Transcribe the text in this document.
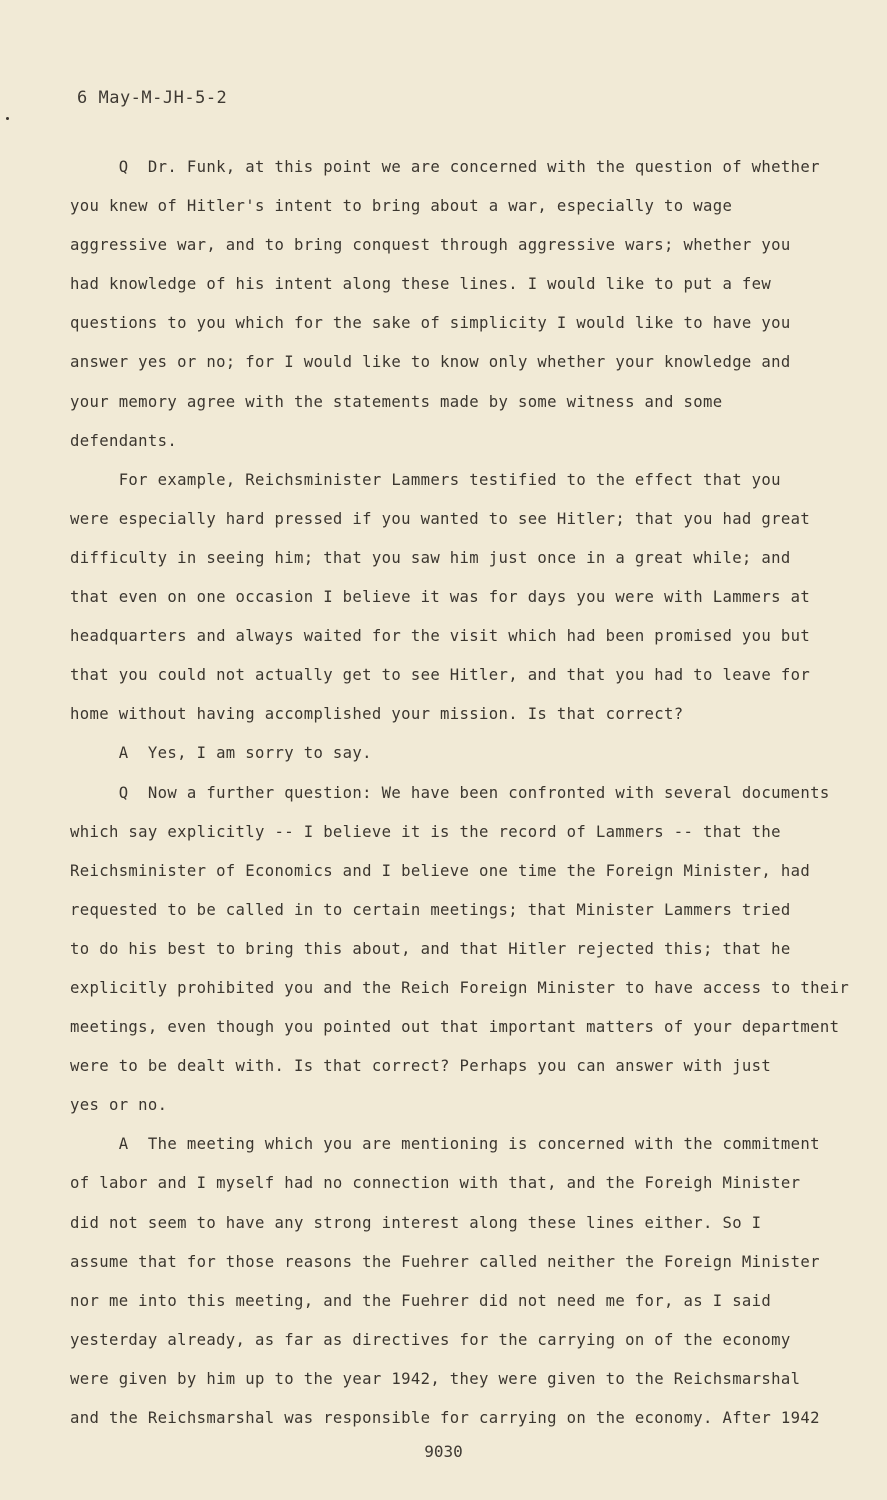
6 May-M-JH-5-2
Q  Dr. Funk, at this point we are concerned with the question of whether
you knew of Hitler's intent to bring about a war, especially to wage
aggressive war, and to bring conquest through aggressive wars; whether you
had knowledge of his intent along these lines. I would like to put a few
questions to you which for the sake of simplicity I would like to have you
answer yes or no; for I would like to know only whether your knowledge and
your memory agree with the statements made by some witness and some
defendants.
For example, Reichsminister Lammers testified to the effect that you
were especially hard pressed if you wanted to see Hitler; that you had great
difficulty in seeing him; that you saw him just once in a great while; and
that even on one occasion I believe it was for days you were with Lammers at
headquarters and always waited for the visit which had been promised you but
that you could not actually get to see Hitler, and that you had to leave for
home without having accomplished your mission. Is that correct?
A  Yes, I am sorry to say.
Q  Now a further question: We have been confronted with several documents
which say explicitly -- I believe it is the record of Lammers -- that the
Reichsminister of Economics and I believe one time the Foreign Minister, had
requested to be called in to certain meetings; that Minister Lammers tried
to do his best to bring this about, and that Hitler rejected this; that he
explicitly prohibited you and the Reich Foreign Minister to have access to their
meetings, even though you pointed out that important matters of your department
were to be dealt with. Is that correct? Perhaps you can answer with just
yes or no.
A  The meeting which you are mentioning is concerned with the commitment
of labor and I myself had no connection with that, and the Foreigh Minister
did not seem to have any strong interest along these lines either. So I
assume that for those reasons the Fuehrer called neither the Foreign Minister
nor me into this meeting, and the Fuehrer did not need me for, as I said
yesterday already, as far as directives for the carrying on of the economy
were given by him up to the year 1942, they were given to the Reichsmarshal
and the Reichsmarshal was responsible for carrying on the economy. After 1942
9030
